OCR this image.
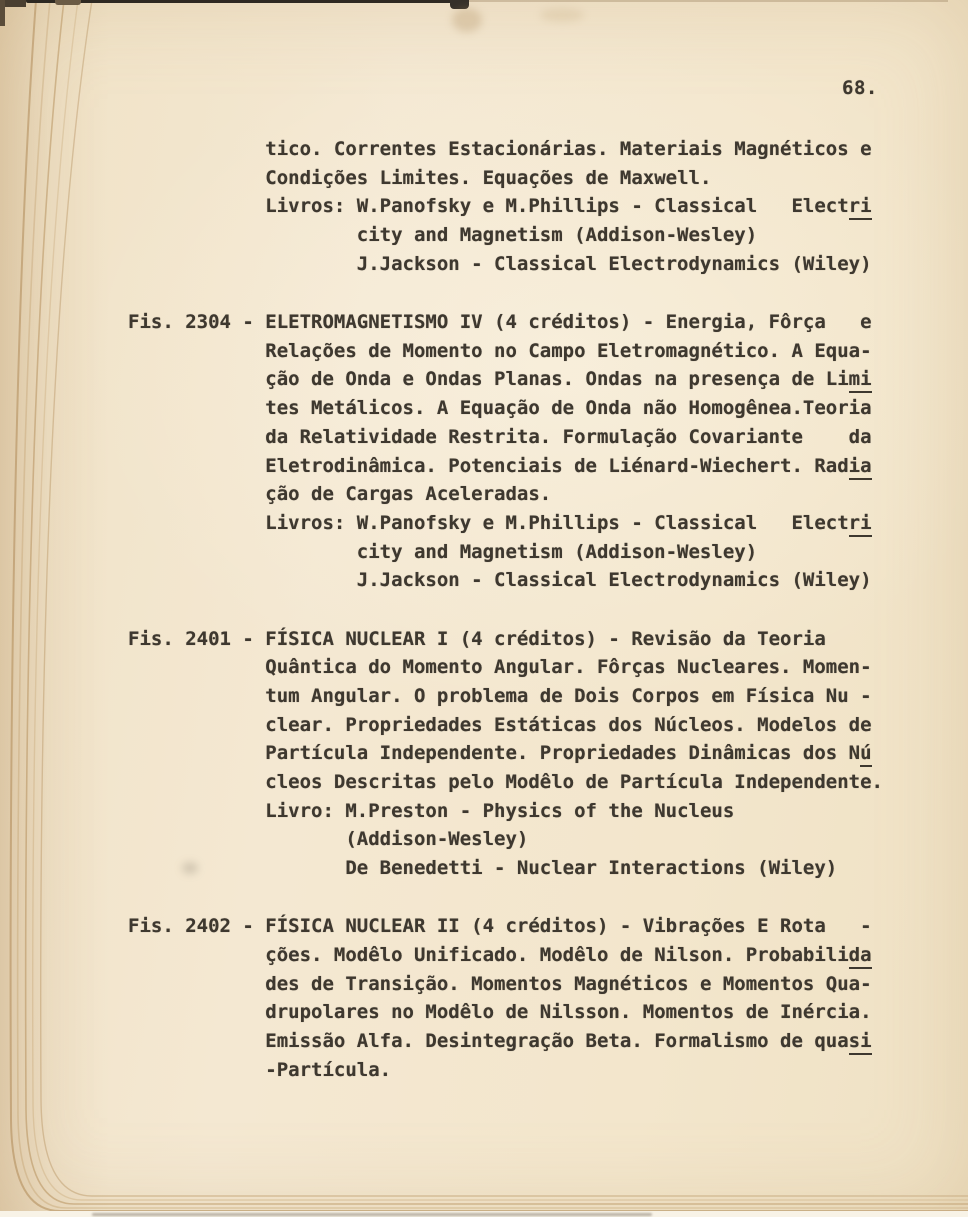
68.
tico. Correntes Estacionárias. Materiais Magnéticos e
Condições Limites. Equações de Maxwell.
Livros: W.Panofsky e M.Phillips - Classical   Electri
city and Magnetism (Addison-Wesley)
J.Jackson - Classical Electrodynamics (Wiley)
Fis. 2304 - ELETROMAGNETISMO IV (4 créditos) - Energia, Fôrça   e
Relações de Momento no Campo Eletromagnético. A Equa-
ção de Onda e Ondas Planas. Ondas na presença de Limi
tes Metálicos. A Equação de Onda não Homogênea.Teoria
da Relatividade Restrita. Formulação Covariante    da
Eletrodinâmica. Potenciais de Liénard-Wiechert. Radia
ção de Cargas Aceleradas.
Livros: W.Panofsky e M.Phillips - Classical   Electri
city and Magnetism (Addison-Wesley)
J.Jackson - Classical Electrodynamics (Wiley)
Fis. 2401 - FÍSICA NUCLEAR I (4 créditos) - Revisão da Teoria
Quântica do Momento Angular. Fôrças Nucleares. Momen-
tum Angular. O problema de Dois Corpos em Física Nu -
clear. Propriedades Estáticas dos Núcleos. Modelos de
Partícula Independente. Propriedades Dinâmicas dos Nú
cleos Descritas pelo Modêlo de Partícula Independente.
Livro: M.Preston - Physics of the Nucleus
(Addison-Wesley)
De Benedetti - Nuclear Interactions (Wiley)
Fis. 2402 - FÍSICA NUCLEAR II (4 créditos) - Vibrações E Rota   -
ções. Modêlo Unificado. Modêlo de Nilson. Probabilida
des de Transição. Momentos Magnéticos e Momentos Qua-
drupolares no Modêlo de Nilsson. Momentos de Inércia.
Emissão Alfa. Desintegração Beta. Formalismo de quasi
-Partícula.
